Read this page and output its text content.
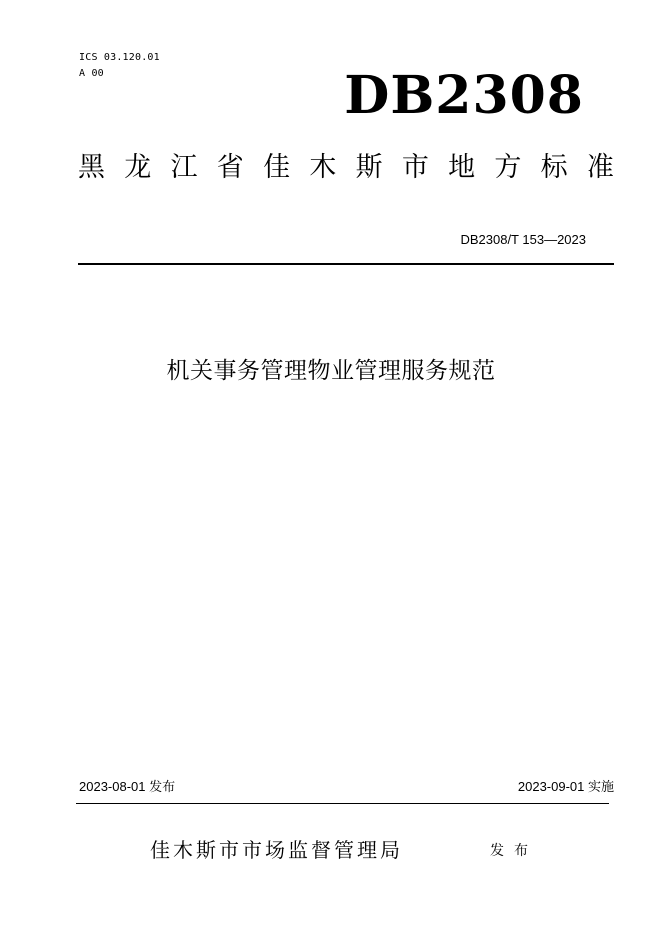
ICS 03.120.01
A 00	DB2308
黑 龙 江 省 佳 木 斯 市 地 方 标 准
DB2308/T 153—2023
机关事务管理物业管理服务规范
2023-08-01 发布	2023-09-01 实施
佳木斯市市场监督管理局	发布
